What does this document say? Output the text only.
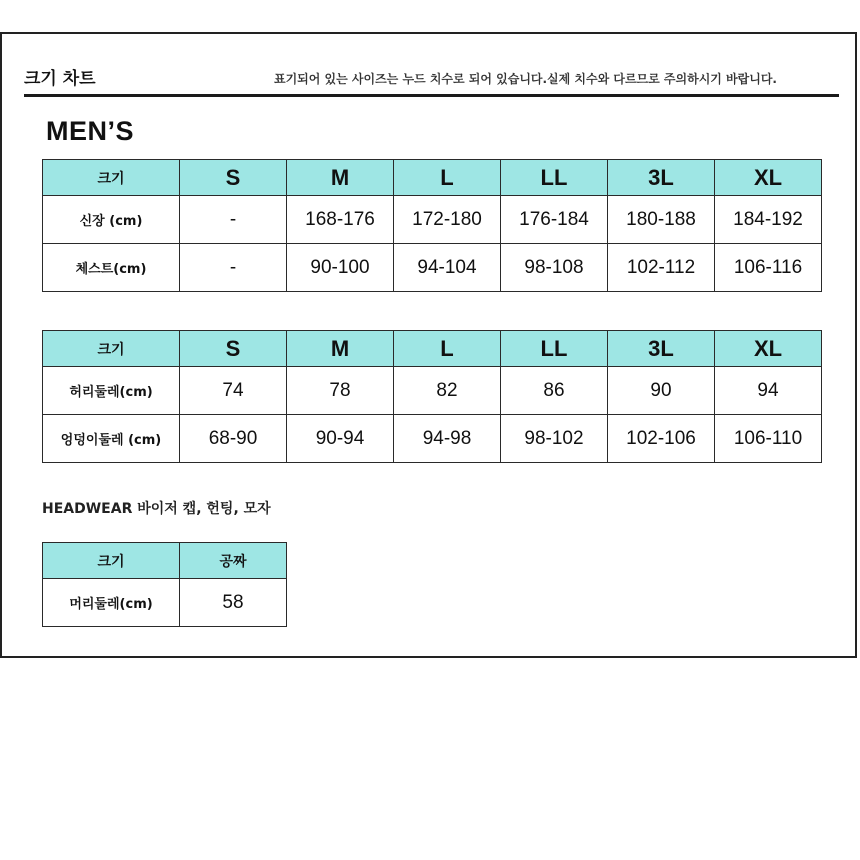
크기 차트	표기되어 있는 사이즈는 누드 치수로 되어 있습니다.실제 치수와 다르므로 주의하시기 바랍니다.
MEN’S
크기	S	M	L	LL	3L	XL
신장 (cm)	-	168-176	172-180	176-184	180-188	184-192
체스트(cm)	-	90-100	94-104	98-108	102-112	106-116
크기	S	M	L	LL	3L	XL
허리둘레(cm)	74	78	82	86	90	94
엉덩이둘레 (cm)	68-90	90-94	94-98	98-102	102-106	106-110
HEADWEAR 바이저 캡, 헌팅, 모자
크기	공짜
머리둘레(cm)	58
